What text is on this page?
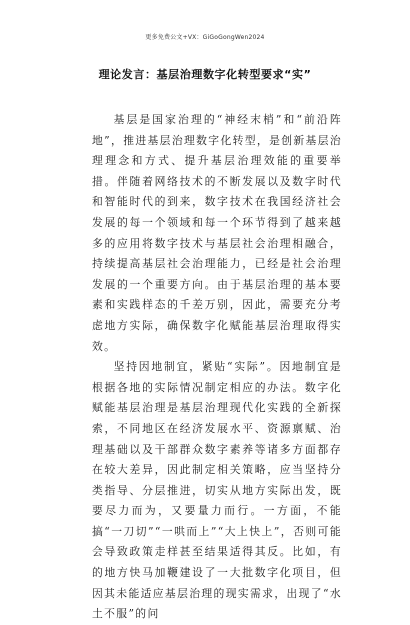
更多免费公文+VX：GiGoGongWen2024
理论发言：基层治理数字化转型要求“实”

基层是国家治理的“神经末梢”和“前沿阵地”，推进基层治理数字化转型，是创新基层治理理念和方式、提升基层治理效能的重要举措。伴随着网络技术的不断发展以及数字时代和智能时代的到来，数字技术在我国经济社会发展的每一个领域和每一个环节得到了越来越多的应用将数字技术与基层社会治理相融合，持续提高基层社会治理能力，已经是社会治理发展的一个重要方向。由于基层治理的基本要素和实践样态的千差万别，因此，需要充分考虑地方实际，确保数字化赋能基层治理取得实效。

坚持因地制宜，紧贴“实际”。因地制宜是根据各地的实际情况制定相应的办法。数字化赋能基层治理是基层治理现代化实践的全新探索，不同地区在经济发展水平、资源禀赋、治理基础以及干部群众数字素养等诸多方面都存在较大差异，因此制定相关策略，应当坚持分类指导、分层推进，切实从地方实际出发，既要尽力而为，又要量力而行。一方面，不能搞“一刀切”“一哄而上”“大上快上”，否则可能会导致政策走样甚至结果适得其反。比如，有的地方快马加鞭建设了一大批数字化项目，但因其未能适应基层治理的现实需求，出现了“水土不服”的问
